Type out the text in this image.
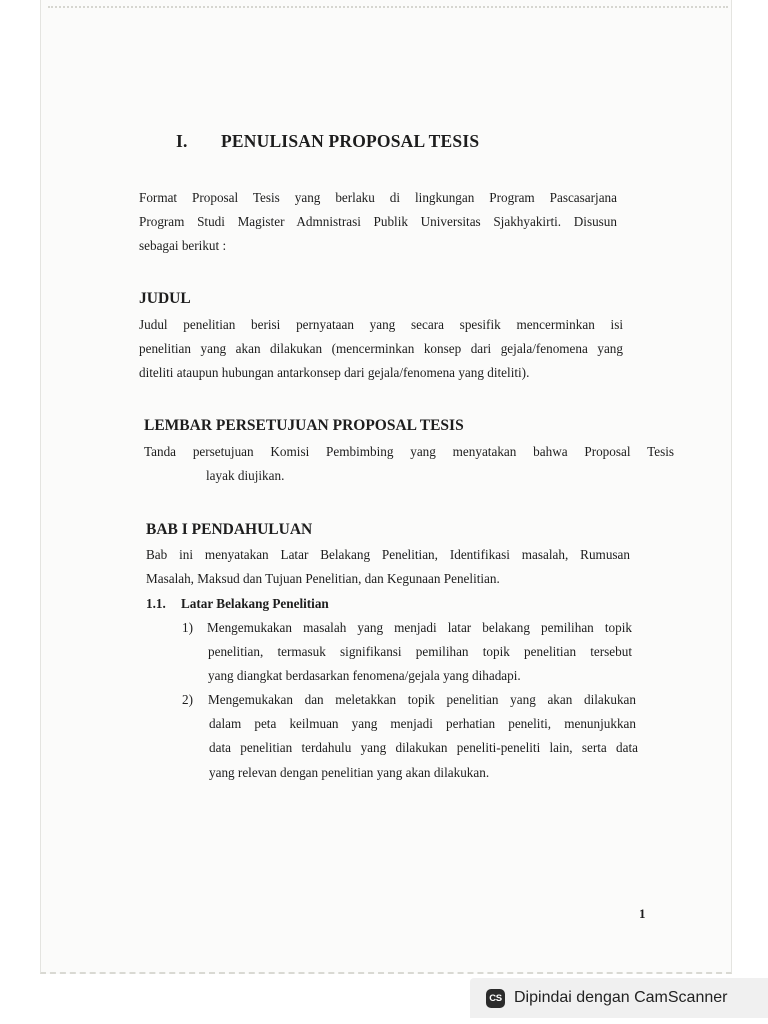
I. PENULISAN PROPOSAL TESIS
Format Proposal Tesis yang berlaku di lingkungan Program Pascasarjana
Program Studi Magister Admnistrasi Publik Universitas Sjakhyakirti. Disusun
sebagai berikut :
JUDUL
Judul penelitian berisi pernyataan yang secara spesifik mencerminkan isi
penelitian yang akan dilakukan (mencerminkan konsep dari gejala/fenomena yang
diteliti ataupun hubungan antarkonsep dari gejala/fenomena yang diteliti).
LEMBAR PERSETUJUAN PROPOSAL TESIS
Tanda persetujuan Komisi Pembimbing yang menyatakan bahwa Proposal Tesis
layak diujikan.
BAB I PENDAHULUAN
Bab ini menyatakan Latar Belakang Penelitian, Identifikasi masalah, Rumusan
Masalah, Maksud dan Tujuan Penelitian, dan Kegunaan Penelitian.
1.1. Latar Belakang Penelitian
1) Mengemukakan masalah yang menjadi latar belakang pemilihan topik
penelitian, termasuk signifikansi pemilihan topik penelitian tersebut
yang diangkat berdasarkan fenomena/gejala yang dihadapi.
2) Mengemukakan dan meletakkan topik penelitian yang akan dilakukan
dalam peta keilmuan yang menjadi perhatian peneliti, menunjukkan
data penelitian terdahulu yang dilakukan peneliti-peneliti lain, serta data
yang relevan dengan penelitian yang akan dilakukan.
1
CS Dipindai dengan CamScanner
